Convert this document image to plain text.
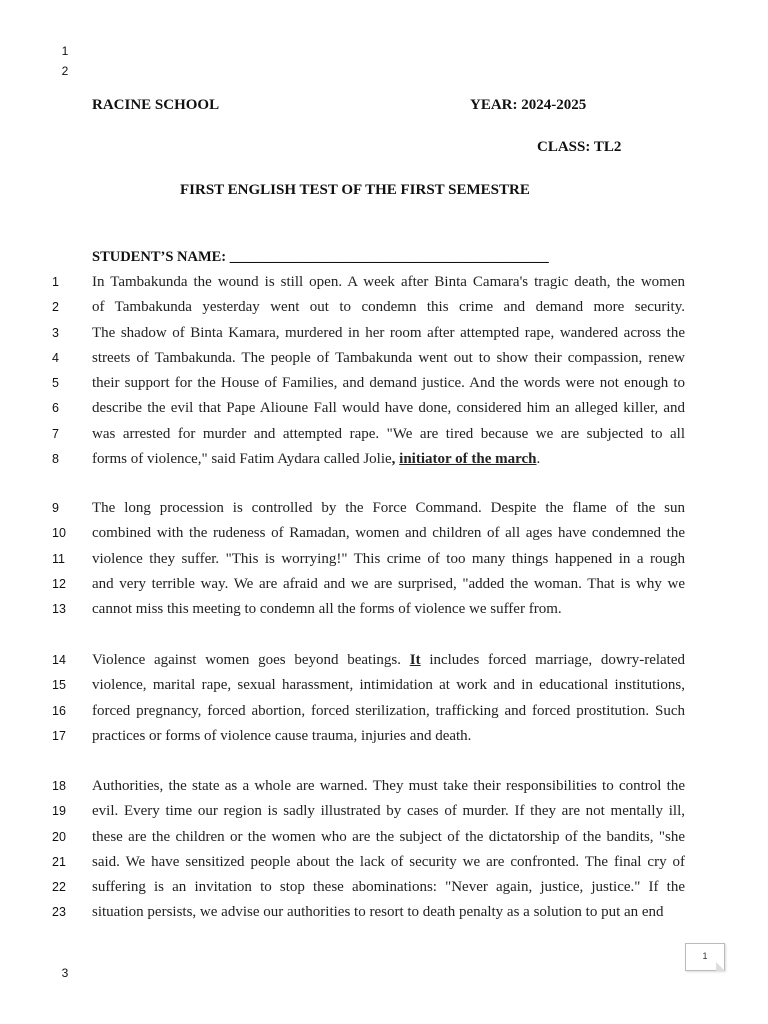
1
2
RACINE SCHOOL	YEAR: 2024-2025
CLASS: TL2
FIRST ENGLISH TEST OF THE FIRST SEMESTRE
STUDENT’S NAME: ____________________________________________
1	In Tambakunda the wound is still open. A week after Binta Camara's tragic death, the women
2	of Tambakunda yesterday went out to condemn this crime and demand more security.
3	The shadow of Binta Kamara, murdered in her room after attempted rape, wandered across the
4	streets of Tambakunda. The people of Tambakunda went out to show their compassion, renew
5	their support for the House of Families, and demand justice. And the words were not enough to
6	describe the evil that Pape Alioune Fall would have done, considered him an alleged killer, and
7	was arrested for murder and attempted rape. "We are tired because we are subjected to all
8	forms of violence," said Fatim Aydara called Jolie, initiator of the march.
9	The long procession is controlled by the Force Command. Despite the flame of the sun
10	combined with the rudeness of Ramadan, women and children of all ages have condemned the
11	violence they suffer. "This is worrying!" This crime of too many things happened in a rough
12	and very terrible way. We are afraid and we are surprised, "added the woman. That is why we
13	cannot miss this meeting to condemn all the forms of violence we suffer from.
14	Violence against women goes beyond beatings. It includes forced marriage, dowry-related
15	violence, marital rape, sexual harassment, intimidation at work and in educational institutions,
16	forced pregnancy, forced abortion, forced sterilization, trafficking and forced prostitution. Such
17	practices or forms of violence cause trauma, injuries and death.
18	Authorities, the state as a whole are warned. They must take their responsibilities to control the
19	evil. Every time our region is sadly illustrated by cases of murder. If they are not mentally ill,
20	these are the children or the women who are the subject of the dictatorship of the bandits, "she
21	said. We have sensitized people about the lack of security we are confronted. The final cry of
22	suffering is an invitation to stop these abominations: "Never again, justice, justice." If the
23	situation persists, we advise our authorities to resort to death penalty as a solution to put an end
1
3
